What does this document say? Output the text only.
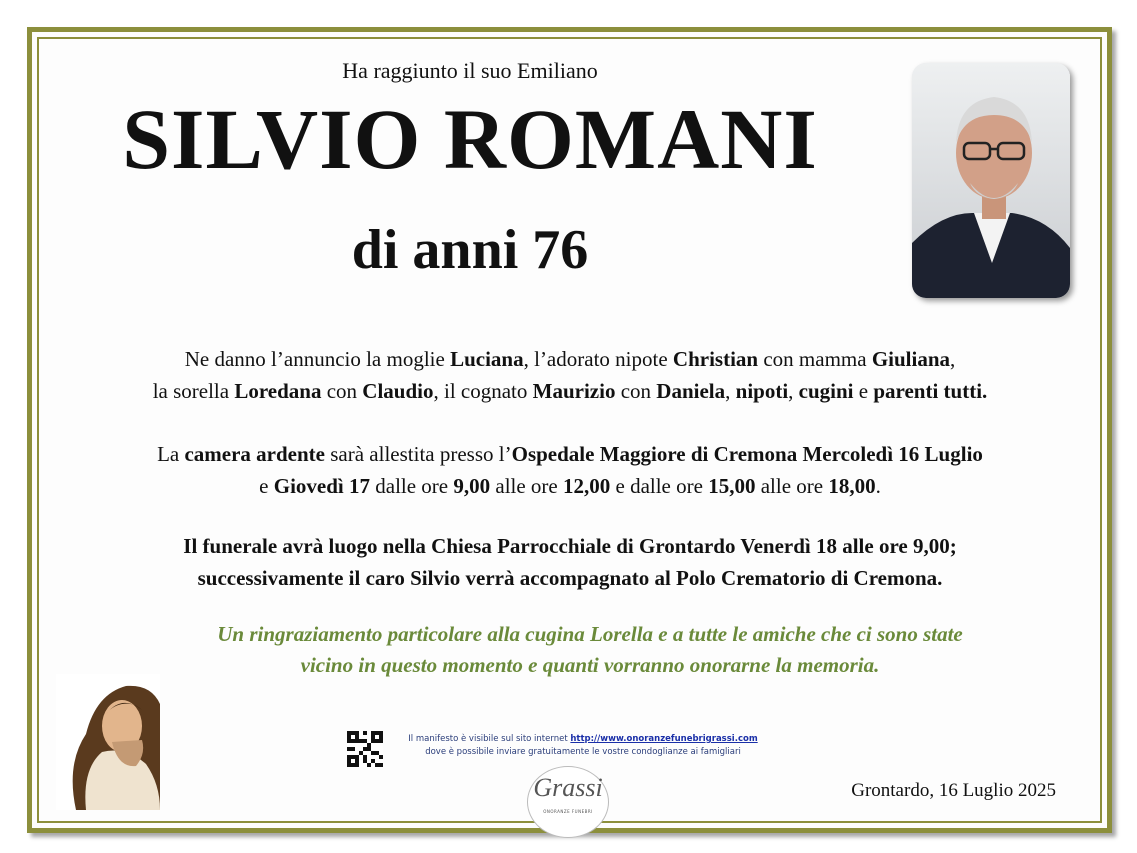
Ha raggiunto il suo Emiliano
SILVIO ROMANI
di anni 76
Ne danno l’annuncio la moglie Luciana, l’adorato nipote Christian con mamma Giuliana,
la sorella Loredana con Claudio, il cognato Maurizio con Daniela, nipoti, cugini e parenti tutti.
La camera ardente sarà allestita presso l’Ospedale Maggiore di Cremona Mercoledì 16 Luglio
e Giovedì 17 dalle ore 9,00 alle ore 12,00 e dalle ore 15,00 alle ore 18,00.
Il funerale avrà luogo nella Chiesa Parrocchiale di Grontardo Venerdì 18 alle ore 9,00;
successivamente il caro Silvio verrà accompagnato al Polo Crematorio di Cremona.
Un ringraziamento particolare alla cugina Lorella e a tutte le amiche che ci sono state
vicino in questo momento e quanti vorranno onorarne la memoria.
Il manifesto è visibile sul sito internet http://www.onoranzefunebrigrassi.com
dove è possibile inviare gratuitamente le vostre condoglianze ai famigliari
Grassi
ONORANZE FUNEBRI
Grontardo, 16 Luglio 2025
